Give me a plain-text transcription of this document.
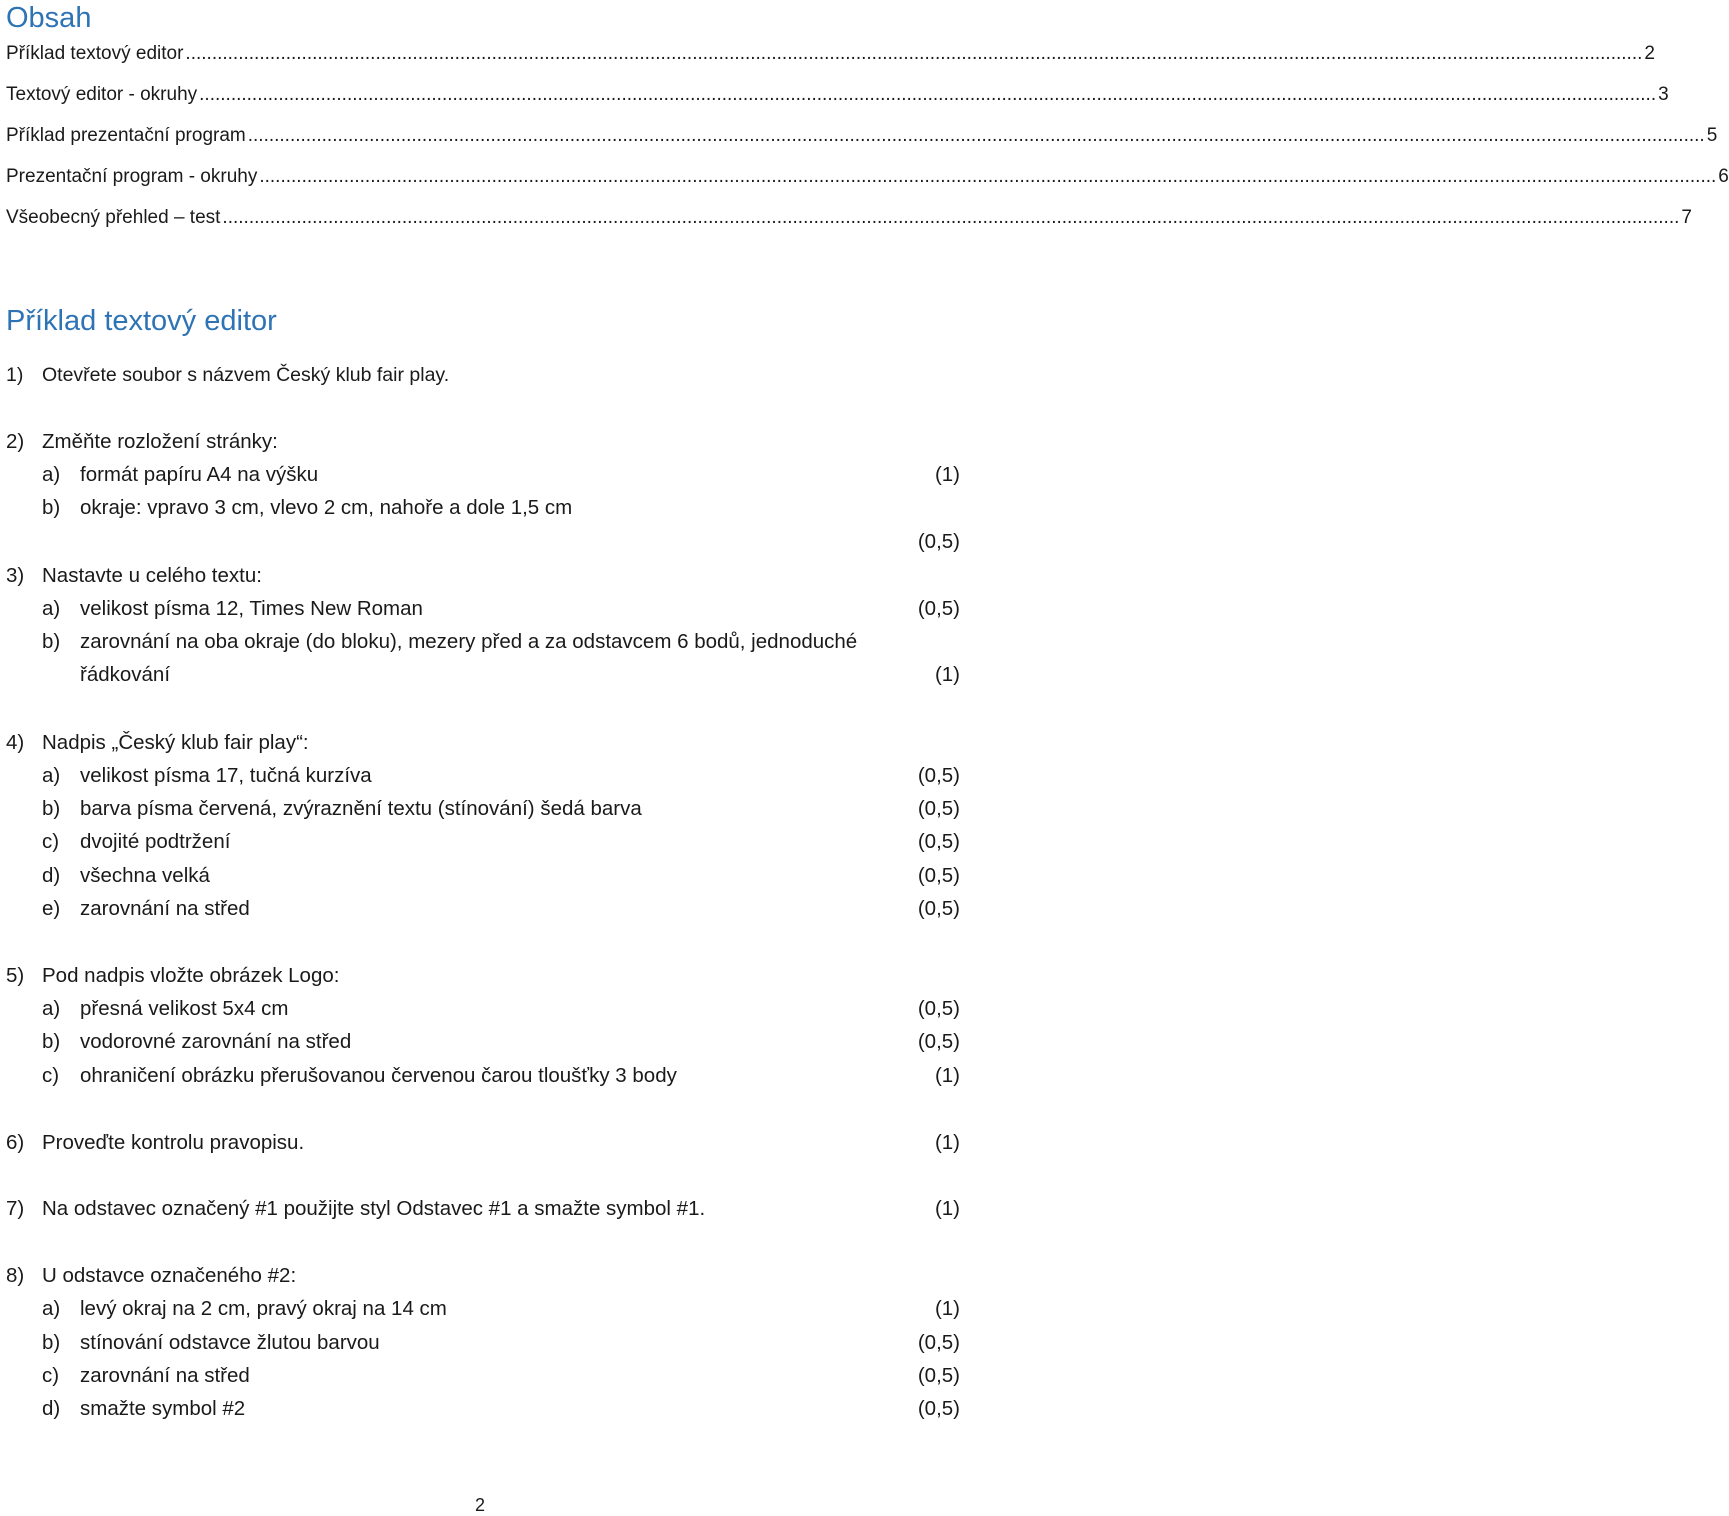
Obsah
Příklad textový editor .................................................................................................................................................................................................................................................................................... 2
Textový editor - okruhy .................................................................................................................................................................................................................................................................................... 3
Příklad prezentační program .................................................................................................................................................................................................................................................................................... 5
Prezentační program - okruhy .................................................................................................................................................................................................................................................................................... 6
Všeobecný přehled – test .................................................................................................................................................................................................................................................................................... 7
Příklad textový editor
1) Otevřete soubor s názvem Český klub fair play.
2) Změňte rozložení stránky:
a) formát papíru A4 na výšku	(1)
b) okraje: vpravo 3 cm, vlevo 2 cm, nahoře a dole 1,5 cm
(0,5)
3) Nastavte u celého textu:
a) velikost písma 12, Times New Roman	(0,5)
b) zarovnání na oba okraje (do bloku), mezery před a za odstavcem 6 bodů, jednoduché
řádkování	(1)
4) Nadpis „Český klub fair play“:
a) velikost písma 17, tučná kurzíva	(0,5)
b) barva písma červená, zvýraznění textu (stínování) šedá barva	(0,5)
c) dvojité podtržení	(0,5)
d) všechna velká	(0,5)
e) zarovnání na střed	(0,5)
5) Pod nadpis vložte obrázek Logo:
a) přesná velikost 5x4 cm	(0,5)
b) vodorovné zarovnání na střed	(0,5)
c) ohraničení obrázku přerušovanou červenou čarou tloušťky 3 body	(1)
6) Proveďte kontrolu pravopisu.	(1)
7) Na odstavec označený #1 použijte styl Odstavec #1 a smažte symbol #1.	(1)
8) U odstavce označeného #2:
a) levý okraj na 2 cm, pravý okraj na 14 cm	(1)
b) stínování odstavce žlutou barvou	(0,5)
c) zarovnání na střed	(0,5)
d) smažte symbol #2	(0,5)
2
